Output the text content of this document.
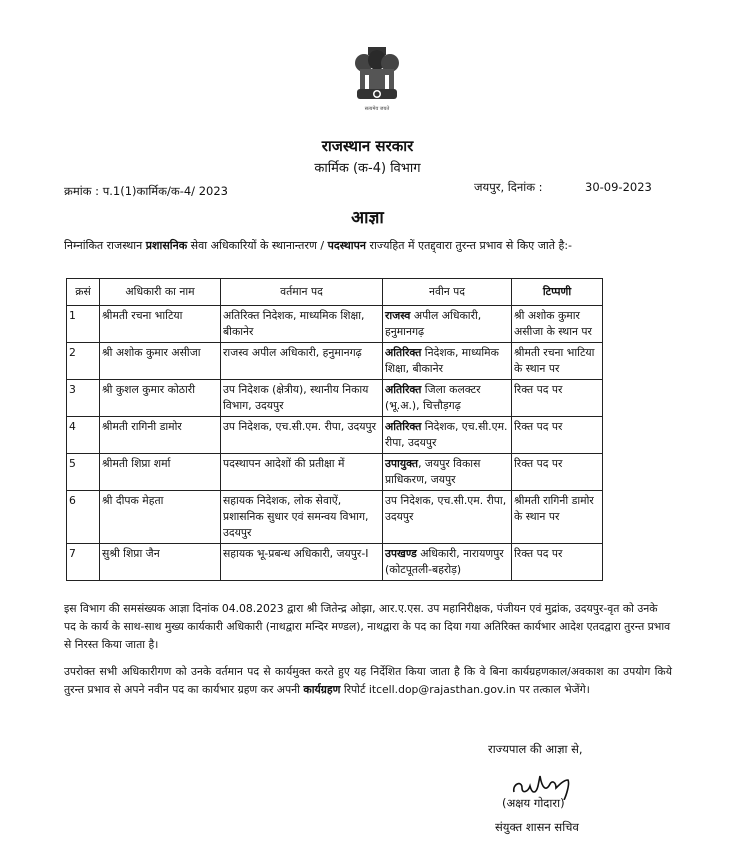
सत्यमेव जयते
राजस्थान सरकार
कार्मिक (क-4) विभाग
क्रमांक : प.1(1)कार्मिक/क-4/ 2023	जयपुर, दिनांक :	30-09-2023
आज्ञा
निम्नांकित राजस्थान प्रशासनिक सेवा अधिकारियों के स्थानान्तरण / पदस्थापन राज्यहित में एतद्द्वारा तुरन्त प्रभाव से किए जाते है:-
क्रसं	अधिकारी का नाम	वर्तमान पद	नवीन पद	टिप्पणी
1	श्रीमती रचना भाटिया	अतिरिक्त निदेशक, माध्यमिक शिक्षा, बीकानेर	राजस्व अपील अधिकारी, हनुमानगढ़	श्री अशोक कुमार असीजा के स्थान पर
2	श्री अशोक कुमार असीजा	राजस्व अपील अधिकारी, हनुमानगढ़	अतिरिक्त निदेशक, माध्यमिक शिक्षा, बीकानेर	श्रीमती रचना भाटिया के स्थान पर
3	श्री कुशल कुमार कोठारी	उप निदेशक (क्षेत्रीय), स्थानीय निकाय विभाग, उदयपुर	अतिरिक्त जिला कलक्टर (भू.अ.), चित्तौड़गढ़	रिक्त पद पर
4	श्रीमती रागिनी डामोर	उप निदेशक, एच.सी.एम. रीपा, उदयपुर	अतिरिक्त निदेशक, एच.सी.एम. रीपा, उदयपुर	रिक्त पद पर
5	श्रीमती शिप्रा शर्मा	पदस्थापन आदेशों की प्रतीक्षा में	उपायुक्त, जयपुर विकास प्राधिकरण, जयपुर	रिक्त पद पर
6	श्री दीपक मेहता	सहायक निदेशक, लोक सेवाऐं, प्रशासनिक सुधार एवं समन्वय विभाग, उदयपुर	उप निदेशक, एच.सी.एम. रीपा, उदयपुर	श्रीमती रागिनी डामोर के स्थान पर
7	सुश्री शिप्रा जैन	सहायक भू-प्रबन्ध अधिकारी, जयपुर-I	उपखण्ड अधिकारी, नारायणपुर (कोटपूतली-बहरोड़)	रिक्त पद पर
इस विभाग की समसंख्यक आज्ञा दिनांक 04.08.2023 द्वारा श्री जितेन्द्र ओझा, आर.ए.एस. उप महानिरीक्षक, पंजीयन एवं मुद्रांक, उदयपुर-वृत को उनके पद के कार्य के साथ-साथ मुख्य कार्यकारी अधिकारी (नाथद्वारा मन्दिर मण्डल), नाथद्वारा के पद का दिया गया अतिरिक्त कार्यभार आदेश एतदद्वारा तुरन्त प्रभाव से निरस्त किया जाता है।
उपरोक्त सभी अधिकारीगण को उनके वर्तमान पद से कार्यमुक्त करते हुए यह निर्देशित किया जाता है कि वे बिना कार्यग्रहणकाल/अवकाश का उपयोग किये तुरन्त प्रभाव से अपने नवीन पद का कार्यभार ग्रहण कर अपनी कार्यग्रहण रिपोर्ट itcell.dop@rajasthan.gov.in पर तत्काल भेजेंगे।
राज्यपाल की आज्ञा से,
(अक्षय गोदारा)
संयुक्त शासन सचिव
